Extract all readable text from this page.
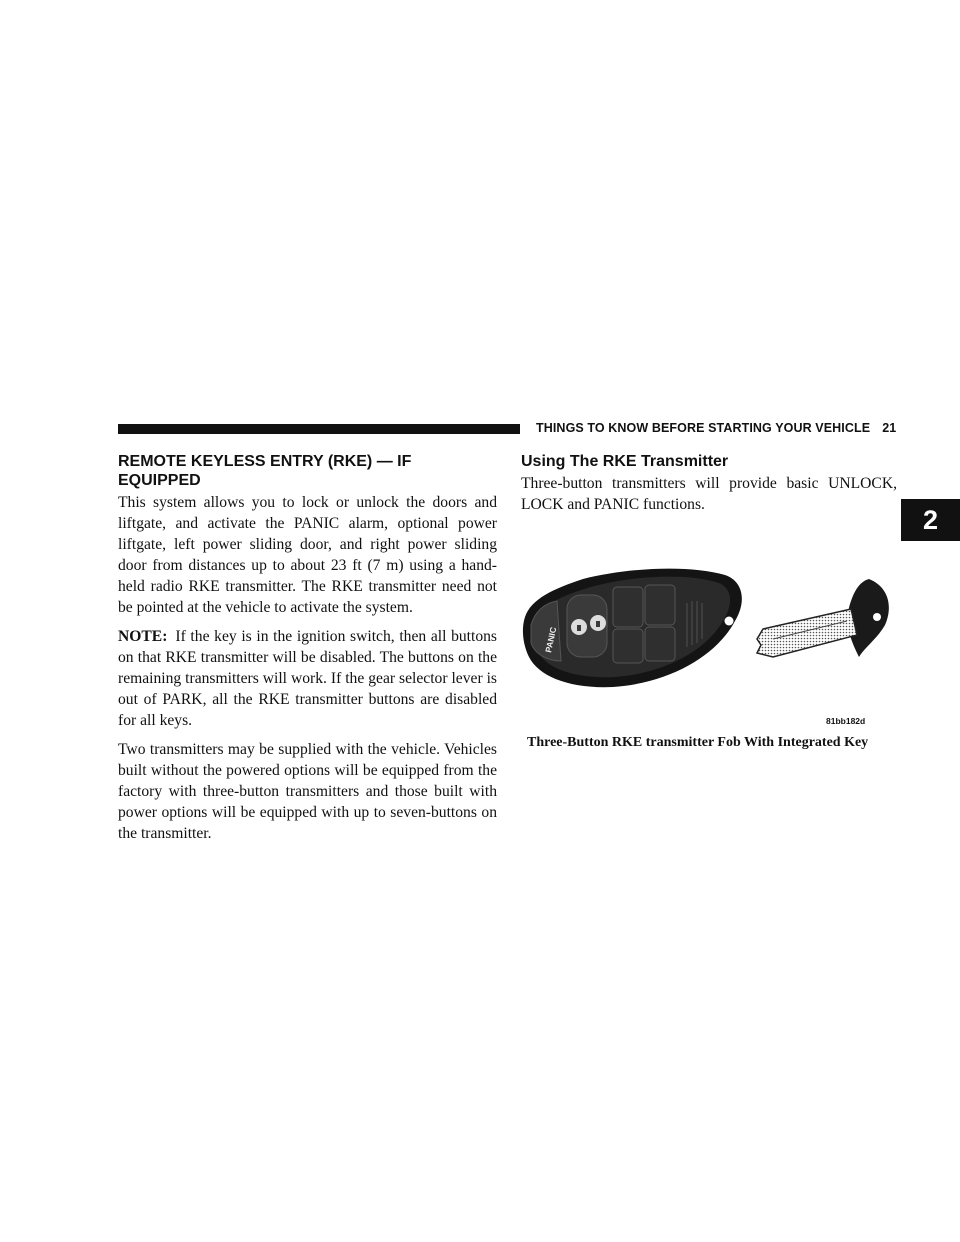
THINGS TO KNOW BEFORE STARTING YOUR VEHICLE 21
2
REMOTE KEYLESS ENTRY (RKE) — IF
EQUIPPED

This system allows you to lock or unlock the doors and liftgate, and activate the PANIC alarm, optional power liftgate, left power sliding door, and right power sliding door from distances up to about 23 ft (7 m) using a hand-held radio RKE transmitter. The RKE transmitter need not be pointed at the vehicle to activate the system.

NOTE: If the key is in the ignition switch, then all buttons on that RKE transmitter will be disabled. The buttons on the remaining transmitters will work. If the gear selector lever is out of PARK, all the RKE transmitter buttons are disabled for all keys.

Two transmitters may be supplied with the vehicle. Vehicles built without the powered options will be equipped from the factory with three-button transmitters and those built with power options will be equipped with up to seven-buttons on the transmitter.

Using The RKE Transmitter

Three-button transmitters will provide basic UNLOCK, LOCK and PANIC functions.

PANIC
81bb182d
Three-Button RKE transmitter Fob With Integrated Key
